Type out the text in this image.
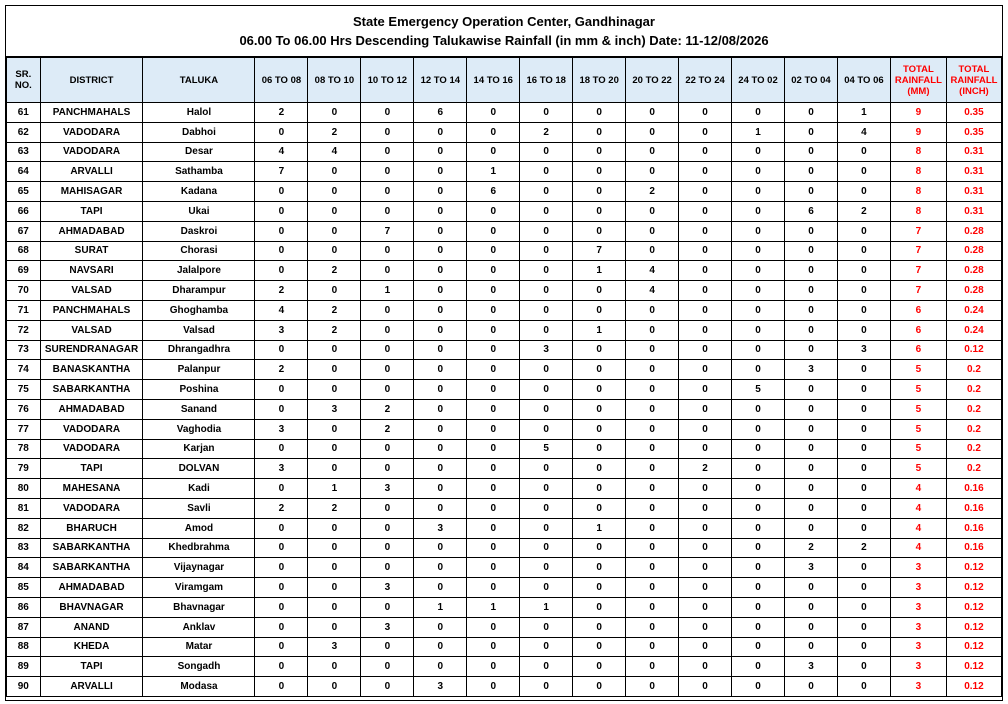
State Emergency Operation Center, Gandhinagar
06.00 To 06.00 Hrs Descending Talukawise Rainfall (in mm & inch) Date: 11-12/08/2026
SR. NO.	DISTRICT	TALUKA	06 TO 08	08 TO 10	10 TO 12	12 TO 14	14 TO 16	16 TO 18	18 TO 20	20 TO 22	22 TO 24	24 TO 02	02 TO 04	04 TO 06	TOTAL RAINFALL (MM)	TOTAL RAINFALL (INCH)
61	PANCHMAHALS	Halol	2	0	0	6	0	0	0	0	0	0	0	1	9	0.35
62	VADODARA	Dabhoi	0	2	0	0	0	2	0	0	0	1	0	4	9	0.35
63	VADODARA	Desar	4	4	0	0	0	0	0	0	0	0	0	0	8	0.31
64	ARVALLI	Sathamba	7	0	0	0	1	0	0	0	0	0	0	0	8	0.31
65	MAHISAGAR	Kadana	0	0	0	0	6	0	0	2	0	0	0	0	8	0.31
66	TAPI	Ukai	0	0	0	0	0	0	0	0	0	0	6	2	8	0.31
67	AHMADABAD	Daskroi	0	0	7	0	0	0	0	0	0	0	0	0	7	0.28
68	SURAT	Chorasi	0	0	0	0	0	0	7	0	0	0	0	0	7	0.28
69	NAVSARI	Jalalpore	0	2	0	0	0	0	1	4	0	0	0	0	7	0.28
70	VALSAD	Dharampur	2	0	1	0	0	0	0	4	0	0	0	0	7	0.28
71	PANCHMAHALS	Ghoghamba	4	2	0	0	0	0	0	0	0	0	0	0	6	0.24
72	VALSAD	Valsad	3	2	0	0	0	0	1	0	0	0	0	0	6	0.24
73	SURENDRANAGAR	Dhrangadhra	0	0	0	0	0	3	0	0	0	0	0	3	6	0.12
74	BANASKANTHA	Palanpur	2	0	0	0	0	0	0	0	0	0	3	0	5	0.2
75	SABARKANTHA	Poshina	0	0	0	0	0	0	0	0	0	5	0	0	5	0.2
76	AHMADABAD	Sanand	0	3	2	0	0	0	0	0	0	0	0	0	5	0.2
77	VADODARA	Vaghodia	3	0	2	0	0	0	0	0	0	0	0	0	5	0.2
78	VADODARA	Karjan	0	0	0	0	0	5	0	0	0	0	0	0	5	0.2
79	TAPI	DOLVAN	3	0	0	0	0	0	0	0	2	0	0	0	5	0.2
80	MAHESANA	Kadi	0	1	3	0	0	0	0	0	0	0	0	0	4	0.16
81	VADODARA	Savli	2	2	0	0	0	0	0	0	0	0	0	0	4	0.16
82	BHARUCH	Amod	0	0	0	3	0	0	1	0	0	0	0	0	4	0.16
83	SABARKANTHA	Khedbrahma	0	0	0	0	0	0	0	0	0	0	2	2	4	0.16
84	SABARKANTHA	Vijaynagar	0	0	0	0	0	0	0	0	0	0	3	0	3	0.12
85	AHMADABAD	Viramgam	0	0	3	0	0	0	0	0	0	0	0	0	3	0.12
86	BHAVNAGAR	Bhavnagar	0	0	0	1	1	1	0	0	0	0	0	0	3	0.12
87	ANAND	Anklav	0	0	3	0	0	0	0	0	0	0	0	0	3	0.12
88	KHEDA	Matar	0	3	0	0	0	0	0	0	0	0	0	0	3	0.12
89	TAPI	Songadh	0	0	0	0	0	0	0	0	0	0	3	0	3	0.12
90	ARVALLI	Modasa	0	0	0	3	0	0	0	0	0	0	0	0	3	0.12
